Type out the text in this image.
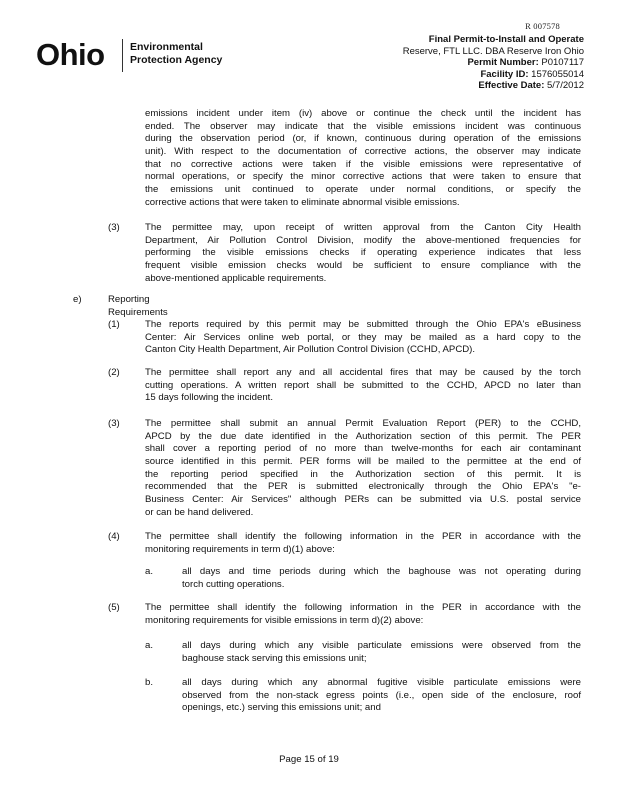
R 007578
Ohio Environmental
Protection Agency
Final Permit-to-Install and Operate
Reserve, FTL LLC. DBA Reserve Iron Ohio
Permit Number: P0107117
Facility ID: 1576055014
Effective Date: 5/7/2012
emissions incident under item (iv) above or continue the check until the incident has
ended. The observer may indicate that the visible emissions incident was continuous
during the observation period (or, if known, continuous during operation of the emissions
unit). With respect to the documentation of corrective actions, the observer may indicate
that no corrective actions were taken if the visible emissions were representative of
normal operations, or specify the minor corrective actions that were taken to ensure that
the emissions unit continued to operate under normal conditions, or specify the
corrective actions that were taken to eliminate abnormal visible emissions.
(3)	The permittee may, upon receipt of written approval from the Canton City Health
Department, Air Pollution Control Division, modify the above-mentioned frequencies for
performing the visible emissions checks if operating experience indicates that less
frequent visible emission checks would be sufficient to ensure compliance with the
above-mentioned applicable requirements.
e)	Reporting Requirements
(1)	The reports required by this permit may be submitted through the Ohio EPA's eBusiness
Center: Air Services online web portal, or they may be mailed as a hard copy to the
Canton City Health Department, Air Pollution Control Division (CCHD, APCD).
(2)	The permittee shall report any and all accidental fires that may be caused by the torch
cutting operations. A written report shall be submitted to the CCHD, APCD no later than
15 days following the incident.
(3)	The permittee shall submit an annual Permit Evaluation Report (PER) to the CCHD,
APCD by the due date identified in the Authorization section of this permit. The PER
shall cover a reporting period of no more than twelve-months for each air contaminant
source identified in this permit. PER forms will be mailed to the permittee at the end of
the reporting period specified in the Authorization section of this permit. It is
recommended that the PER is submitted electronically through the Ohio EPA's "e-
Business Center: Air Services" although PERs can be submitted via U.S. postal service
or can be hand delivered.
(4)	The permittee shall identify the following information in the PER in accordance with the
monitoring requirements in term d)(1) above:
a.	all days and time periods during which the baghouse was not operating during
torch cutting operations.
(5)	The permittee shall identify the following information in the PER in accordance with the
monitoring requirements for visible emissions in term d)(2) above:
a.	all days during which any visible particulate emissions were observed from the
baghouse stack serving this emissions unit;
b.	all days during which any abnormal fugitive visible particulate emissions were
observed from the non-stack egress points (i.e., open side of the enclosure, roof
openings, etc.) serving this emissions unit; and
Page 15 of 19
